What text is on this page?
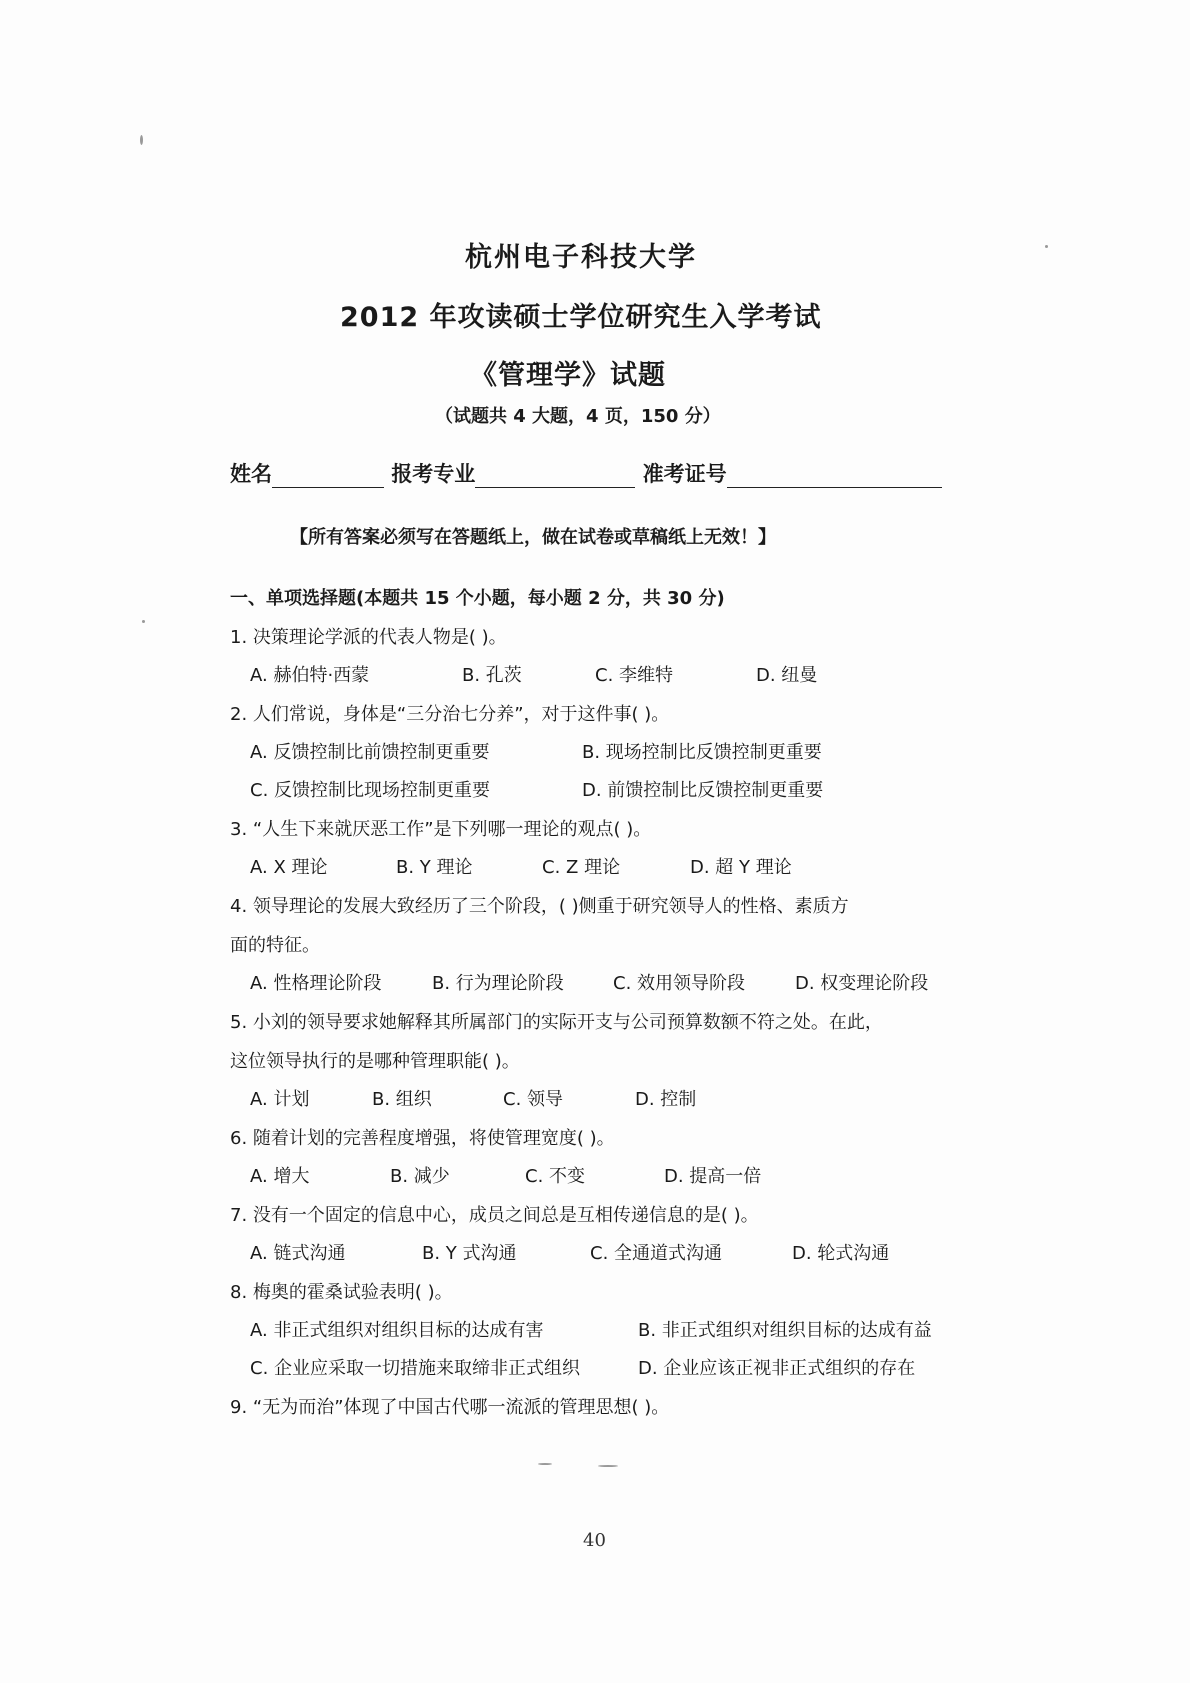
杭州电子科技大学
2012 年攻读硕士学位研究生入学考试
《管理学》试题
（试题共 4 大题，4 页，150 分）
姓名	报考专业	准考证号
【所有答案必须写在答题纸上，做在试卷或草稿纸上无效！】
一、单项选择题(本题共 15 个小题，每小题 2 分，共 30 分)
1. 决策理论学派的代表人物是( )。
A. 赫伯特·西蒙	B. 孔茨	C. 李维特	D. 纽曼
2. 人们常说，身体是“三分治七分养”，对于这件事( )。
A. 反馈控制比前馈控制更重要	B. 现场控制比反馈控制更重要
C. 反馈控制比现场控制更重要	D. 前馈控制比反馈控制更重要
3. “人生下来就厌恶工作”是下列哪一理论的观点( )。
A. X 理论	B. Y 理论	C. Z 理论	D. 超 Y 理论
4. 领导理论的发展大致经历了三个阶段，( )侧重于研究领导人的性格、素质方
面的特征。
A. 性格理论阶段	B. 行为理论阶段	C. 效用领导阶段	D. 权变理论阶段
5. 小刘的领导要求她解释其所属部门的实际开支与公司预算数额不符之处。在此，
这位领导执行的是哪种管理职能( )。
A. 计划	B. 组织	C. 领导	D. 控制
6. 随着计划的完善程度增强，将使管理宽度( )。
A. 增大	B. 减少	C. 不变	D. 提高一倍
7. 没有一个固定的信息中心，成员之间总是互相传递信息的是( )。
A. 链式沟通	B. Y 式沟通	C. 全通道式沟通	D. 轮式沟通
8. 梅奥的霍桑试验表明( )。
A. 非正式组织对组织目标的达成有害	B. 非正式组织对组织目标的达成有益
C. 企业应采取一切措施来取缔非正式组织	D. 企业应该正视非正式组织的存在
9. “无为而治”体现了中国古代哪一流派的管理思想( )。
40
